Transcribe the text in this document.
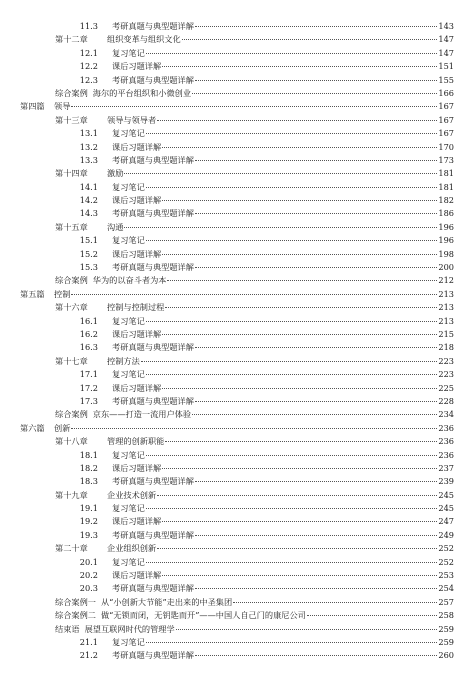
11.3 考研真题与典型题详解	143
第十二章	组织变革与组织文化	147
12.1 复习笔记	147
12.2 课后习题详解	151
12.3 考研真题与典型题详解	155
综合案例 海尔的平台组织和小微创业	166
第四篇	领导	167
第十三章	领导与领导者	167
13.1 复习笔记	167
13.2 课后习题详解	170
13.3 考研真题与典型题详解	173
第十四章	激励	181
14.1 复习笔记	181
14.2 课后习题详解	182
14.3 考研真题与典型题详解	186
第十五章	沟通	196
15.1 复习笔记	196
15.2 课后习题详解	198
15.3 考研真题与典型题详解	200
综合案例 华为的以奋斗者为本	212
第五篇	控制	213
第十六章	控制与控制过程	213
16.1 复习笔记	213
16.2 课后习题详解	215
16.3 考研真题与典型题详解	218
第十七章	控制方法	223
17.1 复习笔记	223
17.2 课后习题详解	225
17.3 考研真题与典型题详解	228
综合案例 京东——打造一流用户体验	234
第六篇	创新	236
第十八章	管理的创新职能	236
18.1 复习笔记	236
18.2 课后习题详解	237
18.3 考研真题与典型题详解	239
第十九章	企业技术创新	245
19.1 复习笔记	245
19.2 课后习题详解	247
19.3 考研真题与典型题详解	249
第二十章	企业组织创新	252
20.1 复习笔记	252
20.2 课后习题详解	253
20.3 考研真题与典型题详解	254
综合案例一 从“小创新大节能”走出来的中圣集团	257
综合案例二 做“无锁而闭，无钥匙而开”——中国人自己门的康尼公司	258
结束语 展望互联网时代的管理学	259
21.1 复习笔记	259
21.2 考研真题与典型题详解	260
